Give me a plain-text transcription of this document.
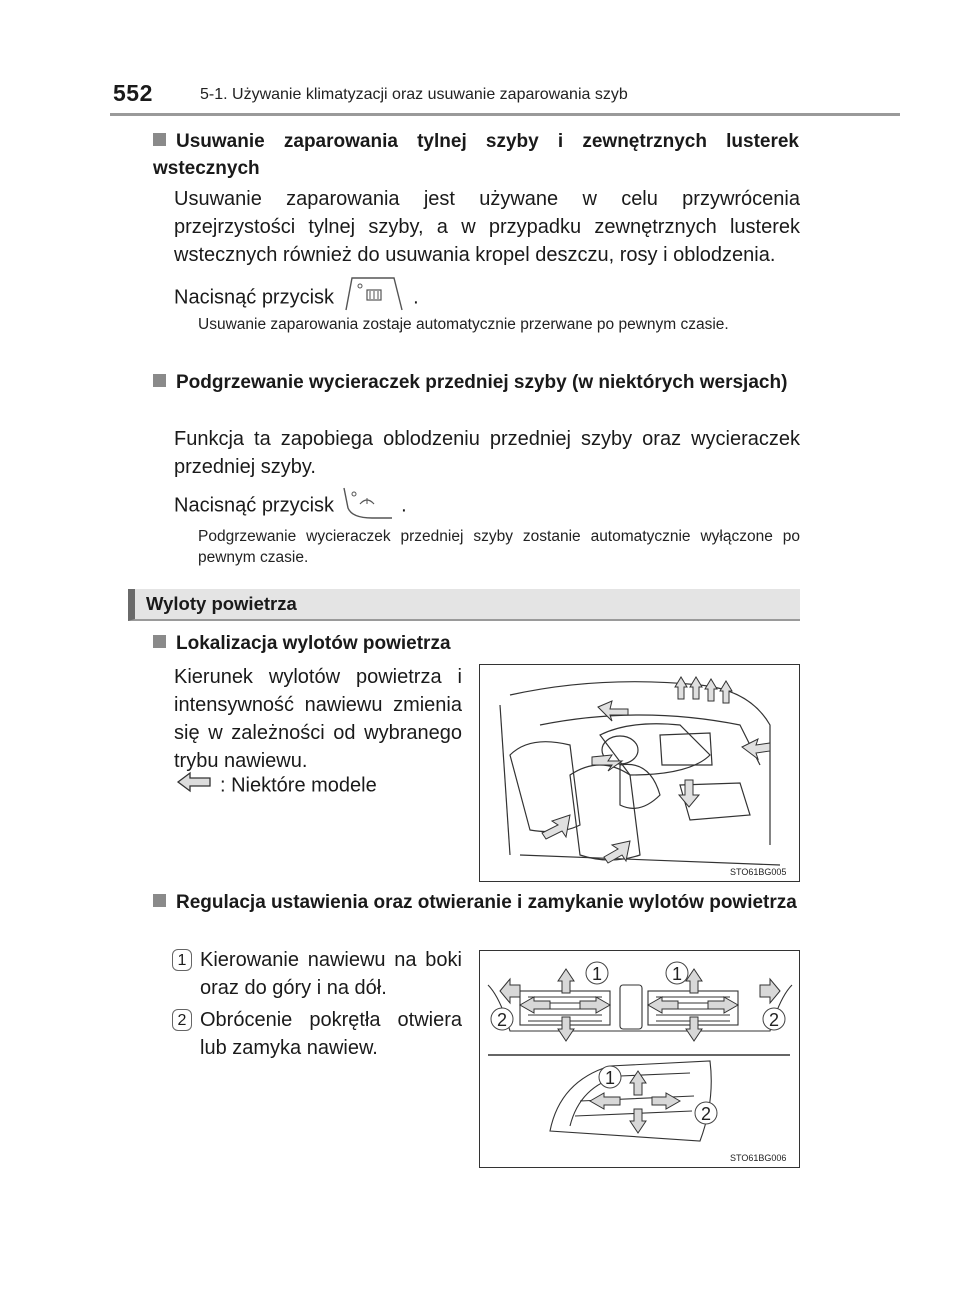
552	5-1. Używanie klimatyzacji oraz usuwanie zaparowania szyb
Usuwanie zaparowania tylnej szyby i zewnętrznych lusterek wstecznych
Usuwanie zaparowania jest używane w celu przywrócenia przejrzystości tylnej szyby, a w przypadku zewnętrznych lusterek wstecznych również do usuwania kropel deszczu, rosy i oblodzenia.
Nacisnąć przycisk	.
Usuwanie zaparowania zostaje automatycznie przerwane po pewnym czasie.
Podgrzewanie wycieraczek przedniej szyby (w niektórych wersjach)
Funkcja ta zapobiega oblodzeniu przedniej szyby oraz wycieraczek przedniej szyby.
Nacisnąć przycisk	.
Podgrzewanie wycieraczek przedniej szyby zostanie automatycznie wyłączone po pewnym czasie.
Wyloty powietrza
Lokalizacja wylotów powietrza
Kierunek wylotów powietrza i intensywność nawiewu zmienia się w zależności od wybranego trybu nawiewu.
: Niektóre modele
STO61BG005
Regulacja ustawienia oraz otwieranie i zamykanie wylotów powietrza
1 Kierowanie nawiewu na boki oraz do góry i na dół.
2 Obrócenie pokrętła otwiera lub zamyka nawiew.
1	1
2	2
1
2
STO61BG006
